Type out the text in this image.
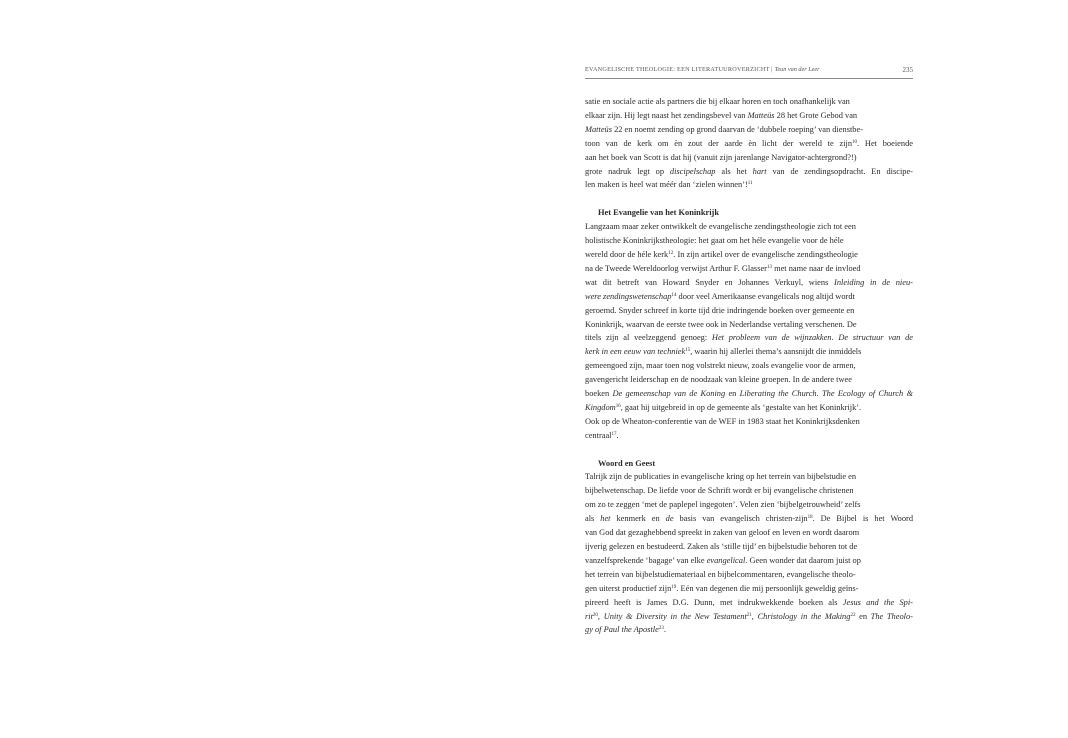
EVANGELISCHE THEOLOGIE: EEN LITERATUUROVERZICHT | Teun van der Leer	235
satie en sociale actie als partners die bij elkaar horen en toch onafhankelijk van
elkaar zijn. Hij legt naast het zendingsbevel van Matteüs 28 het Grote Gebod van
Matteüs 22 en noemt zending op grond daarvan de ‘dubbele roeping’ van dienstbe-
toon van de kerk om èn zout der aarde èn licht der wereld te zijn$^{10}$. Het boeiende
aan het boek van Scott is dat hij (vanuit zijn jarenlange Navigator-achtergrond?!)
grote nadruk legt op discipelschap als het hart van de zendingsopdracht. En discipe-
len maken is heel wat méér dan ‘zielen winnen’!$^{11}$
Het Evangelie van het Koninkrijk
Langzaam maar zeker ontwikkelt de evangelische zendingstheologie zich tot een
holistische Koninkrijkstheologie: het gaat om het héle evangelie voor de héle
wereld door de héle kerk$^{12}$. In zijn artikel over de evangelische zendingstheologie
na de Tweede Wereldoorlog verwijst Arthur F. Glasser$^{13}$ met name naar de invloed
wat dit betreft van Howard Snyder en Johannes Verkuyl, wiens Inleiding in de nieu-
were zendingswetenschap$^{14}$ door veel Amerikaanse evangelicals nog altijd wordt
geroemd. Snyder schreef in korte tijd drie indringende boeken over gemeente en
Koninkrijk, waarvan de eerste twee ook in Nederlandse vertaling verschenen. De
titels zijn al veelzeggend genoeg: Het probleem van de wijnzakken. De structuur van de
kerk in een eeuw van techniek$^{15}$, waarin hij allerlei thema’s aansnijdt die inmiddels
gemeengoed zijn, maar toen nog volstrekt nieuw, zoals evangelie voor de armen,
gavengericht leiderschap en de noodzaak van kleine groepen. In de andere twee
boeken De gemeenschap van de Koning en Liberating the Church. The Ecology of Church &
Kingdom$^{16}$, gaat hij uitgebreid in op de gemeente als ‘gestalte van het Koninkrijk’.
Ook op de Wheaton-conferentie van de WEF in 1983 staat het Koninkrijksdenken
centraal$^{17}$.
Woord en Geest
Talrijk zijn de publicaties in evangelische kring op het terrein van bijbelstudie en
bijbelwetenschap. De liefde voor de Schrift wordt er bij evangelische christenen
om zo te zeggen ‘met de paplepel ingegoten’. Velen zien ‘bijbelgetrouwheid’ zelfs
als het kenmerk en de basis van evangelisch christen-zijn$^{18}$. De Bijbel is het Woord
van God dat gezaghebbend spreekt in zaken van geloof en leven en wordt daarom
ijverig gelezen en bestudeerd. Zaken als ‘stille tijd’ en bijbelstudie behoren tot de
vanzelfsprekende ‘bagage’ van elke evangelical. Geen wonder dat daarom juist op
het terrein van bijbelstudiemateriaal en bijbelcommentaren, evangelische theolo-
gen uiterst productief zijn$^{19}$. Eén van degenen die mij persoonlijk geweldig geïns-
pireerd heeft is James D.G. Dunn, met indrukwekkende boeken als Jesus and the Spi-
rit$^{20}$, Unity & Diversity in the New Testament$^{21}$, Christology in the Making$^{22}$ en The Theolo-
gy of Paul the Apostle$^{23}$.
